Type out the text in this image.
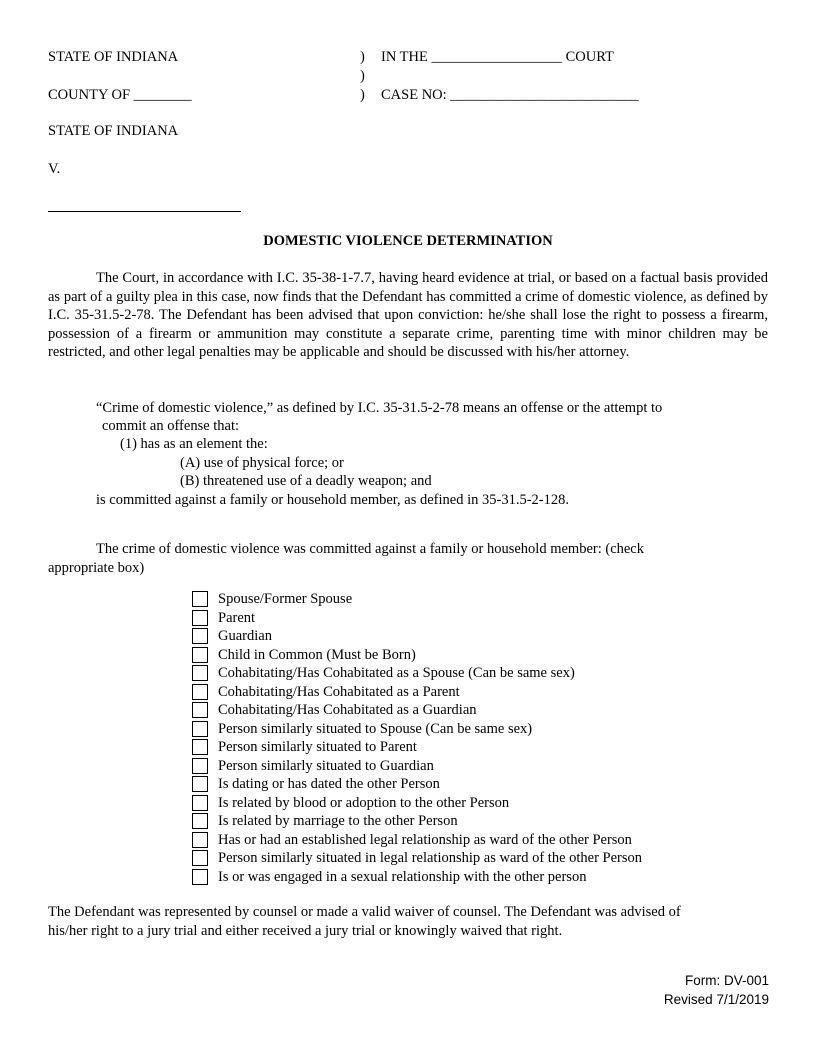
STATE OF INDIANA
COUNTY OF ________
STATE OF INDIANA
V.
)
)
)
IN THE __________________ COURT
CASE NO: __________________________
DOMESTIC VIOLENCE DETERMINATION
The Court, in accordance with I.C. 35-38-1-7.7, having heard evidence at trial, or based on a factual basis provided as part of a guilty plea in this case, now finds that the Defendant has committed a crime of domestic violence, as defined by I.C. 35-31.5-2-78. The Defendant has been advised that upon conviction: he/she shall lose the right to possess a firearm, possession of a firearm or ammunition may constitute a separate crime, parenting time with minor children may be restricted, and other legal penalties may be applicable and should be discussed with his/her attorney.
“Crime of domestic violence,” as defined by I.C. 35-31.5-2-78 means an offense or the attempt to
commit an offense that:
(1) has as an element the:
(A) use of physical force; or
(B) threatened use of a deadly weapon; and
is committed against a family or household member, as defined in 35-31.5-2-128.
The crime of domestic violence was committed against a family or household member: (check
appropriate box)
Spouse/Former Spouse
Parent
Guardian
Child in Common (Must be Born)
Cohabitating/Has Cohabitated as a Spouse (Can be same sex)
Cohabitating/Has Cohabitated as a Parent
Cohabitating/Has Cohabitated as a Guardian
Person similarly situated to Spouse (Can be same sex)
Person similarly situated to Parent
Person similarly situated to Guardian
Is dating or has dated the other Person
Is related by blood or adoption to the other Person
Is related by marriage to the other Person
Has or had an established legal relationship as ward of the other Person
Person similarly situated in legal relationship as ward of the other Person
Is or was engaged in a sexual relationship with the other person
The Defendant was represented by counsel or made a valid waiver of counsel. The Defendant was advised of
his/her right to a jury trial and either received a jury trial or knowingly waived that right.
Form: DV-001
Revised 7/1/2019
